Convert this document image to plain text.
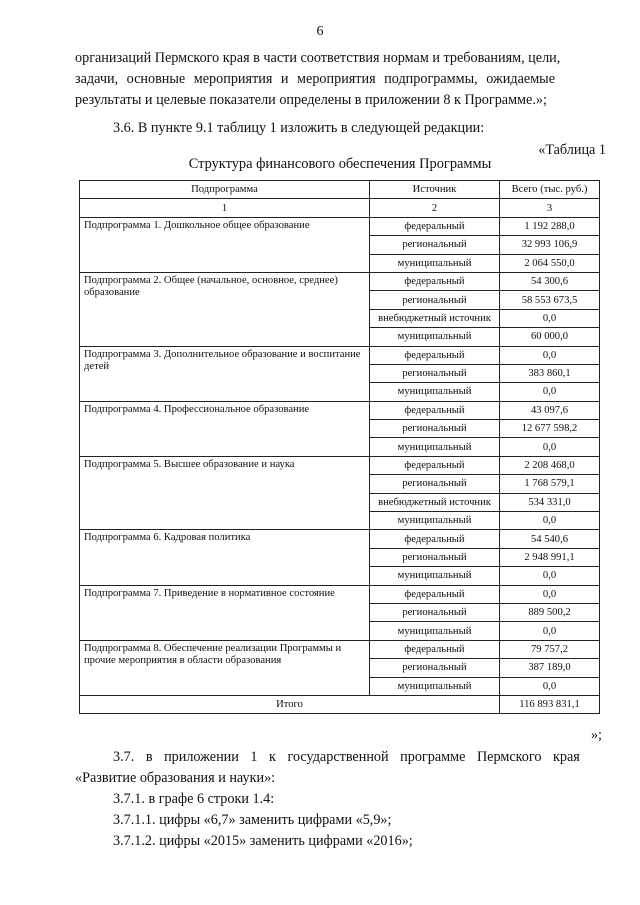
6
организаций Пермского края в части соответствия нормам и требованиям, цели,
задачи, основные мероприятия и мероприятия подпрограммы, ожидаемые
результаты и целевые показатели определены в приложении 8 к Программе.»;
3.6. В пункте 9.1 таблицу 1 изложить в следующей редакции:
«Таблица 1
Структура финансового обеспечения Программы
Подпрограмма	Источник	Всего (тыс. руб.)
1	2	3
Подпрограмма 1. Дошкольное общее образование	федеральный	1 192 288,0
	региональный	32 993 106,9
	муниципальный	2 064 550,0
Подпрограмма 2. Общее (начальное, основное, среднее) образование	федеральный	54 300,6
	региональный	58 553 673,5
	внебюджетный источник	0,0
	муниципальный	60 000,0
Подпрограмма 3. Дополнительное образование и воспитание детей	федеральный	0,0
	региональный	383 860,1
	муниципальный	0,0
Подпрограмма 4. Профессиональное образование	федеральный	43 097,6
	региональный	12 677 598,2
	муниципальный	0,0
Подпрограмма 5. Высшее образование и наука	федеральный	2 208 468,0
	региональный	1 768 579,1
	внебюджетный источник	534 331,0
	муниципальный	0,0
Подпрограмма 6. Кадровая политика	федеральный	54 540,6
	региональный	2 948 991,1
	муниципальный	0,0
Подпрограмма 7. Приведение в нормативное состояние	федеральный	0,0
	региональный	889 500,2
	муниципальный	0,0
Подпрограмма 8. Обеспечение реализации Программы и прочие мероприятия в области образования	федеральный	79 757,2
	региональный	387 189,0
	муниципальный	0,0
Итого		116 893 831,1
»;
3.7. в приложении 1 к государственной программе Пермского края
«Развитие образования и науки»:
3.7.1. в графе 6 строки 1.4:
3.7.1.1. цифры «6,7» заменить цифрами «5,9»;
3.7.1.2. цифры «2015» заменить цифрами «2016»;
